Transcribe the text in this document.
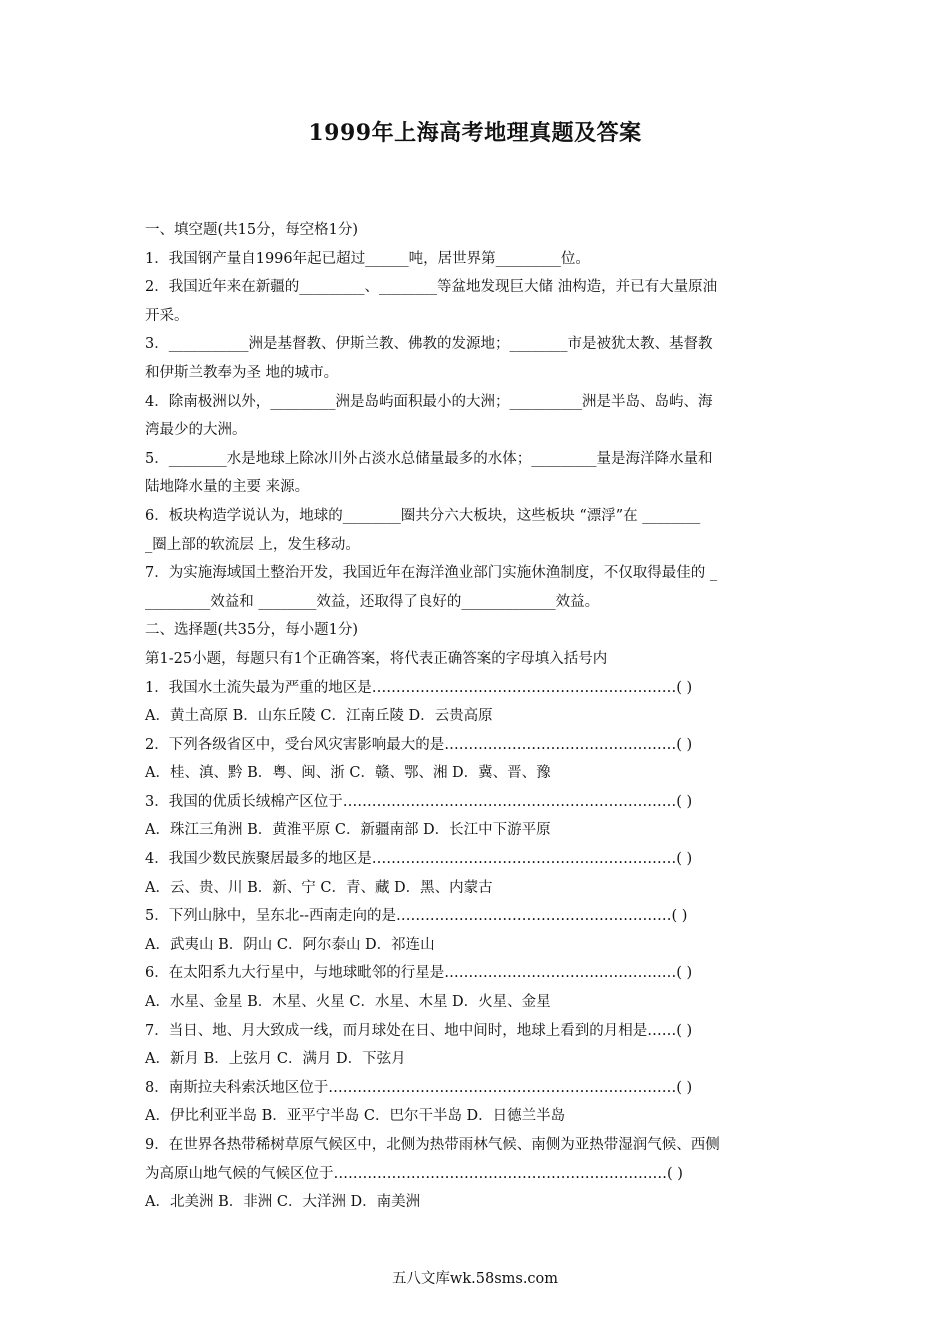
1999年上海高考地理真题及答案
一、填空题(共15分，每空格1分)
1．我国钢产量自1996年起已超过______吨，居世界第_________位。
2．我国近年来在新疆的_________、________等盆地发现巨大储 油构造，并已有大量原油
开采。
3．___________洲是基督教、伊斯兰教、佛教的发源地；________市是被犹太教、基督教
和伊斯兰教奉为圣 地的城市。
4．除南极洲以外，_________洲是岛屿面积最小的大洲；__________洲是半岛、岛屿、海
湾最少的大洲。
5．________水是地球上除冰川外占淡水总储量最多的水体；_________量是海洋降水量和
陆地降水量的主要 来源。
6．板块构造学说认为，地球的________圈共分六大板块，这些板块 “漂浮”在 ________
_圈上部的软流层 上，发生移动。
7．为实施海域国土整治开发，我国近年在海洋渔业部门实施休渔制度，不仅取得最佳的 _
_________效益和 ________效益，还取得了良好的_____________效益。
二、选择题(共35分，每小题1分)
第1-25小题，每题只有1个正确答案，将代表正确答案的字母填入括号内
1．我国水土流失最为严重的地区是………………………………………………………( )
A．黄土高原 B．山东丘陵 C．江南丘陵 D．云贵高原
2．下列各级省区中，受台风灾害影响最大的是…………………………………………( )
A．桂、滇、黔 B．粤、闽、浙 C．赣、鄂、湘 D．冀、晋、豫
3．我国的优质长绒棉产区位于……………………………………………………………( )
A．珠江三角洲 B．黄淮平原 C．新疆南部 D．长江中下游平原
4．我国少数民族聚居最多的地区是………………………………………………………( )
A．云、贵、川 B．新、宁 C．青、藏 D．黑、内蒙古
5．下列山脉中，呈东北--西南走向的是…………………………………………………( )
A．武夷山 B．阴山 C．阿尔泰山 D．祁连山
6．在太阳系九大行星中，与地球毗邻的行星是…………………………………………( )
A．水星、金星 B．木星、火星 C．水星、木星 D．火星、金星
7．当日、地、月大致成一线，而月球处在日、地中间时，地球上看到的月相是……( )
A．新月 B．上弦月 C．满月 D．下弦月
8．南斯拉夫科索沃地区位于………………………………………………………………( )
A．伊比利亚半岛 B．亚平宁半岛 C．巴尔干半岛 D．日德兰半岛
9．在世界各热带稀树草原气候区中，北侧为热带雨林气候、南侧为亚热带湿润气候、西侧
为高原山地气候的气候区位于……………………………………………………………( )
A．北美洲 B．非洲 C．大洋洲 D．南美洲
五八文库wk.58sms.com
